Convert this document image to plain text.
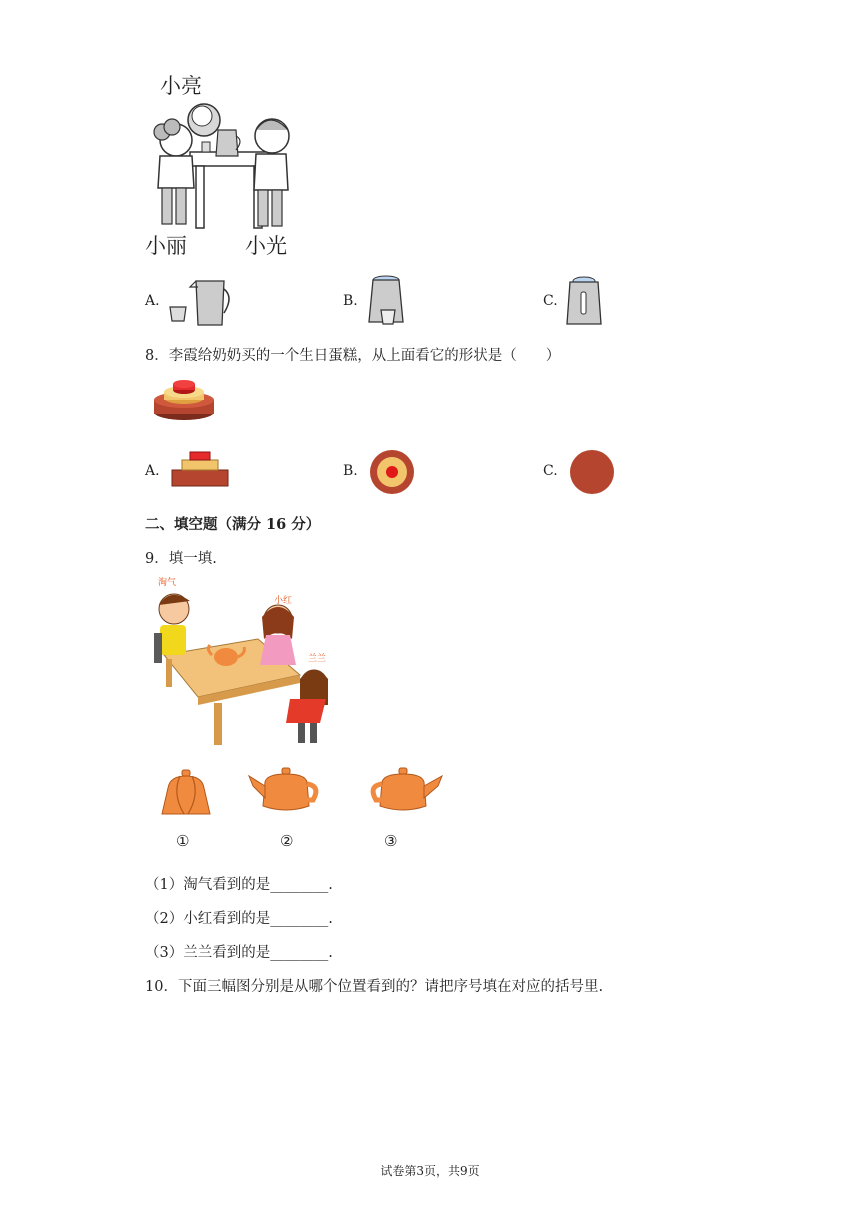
小亮
小丽	小光
A.	B.	C.
8．李霞给奶奶买的一个生日蛋糕，从上面看它的形状是（　　）
A.	B.	C.
二、填空题（满分 16 分）
9．填一填.
淘气
小红
兰兰
①	②	③
（1）淘气看到的是________.
（2）小红看到的是________.
（3）兰兰看到的是________.
10．下面三幅图分别是从哪个位置看到的？请把序号填在对应的括号里.
试卷第3页，共9页
